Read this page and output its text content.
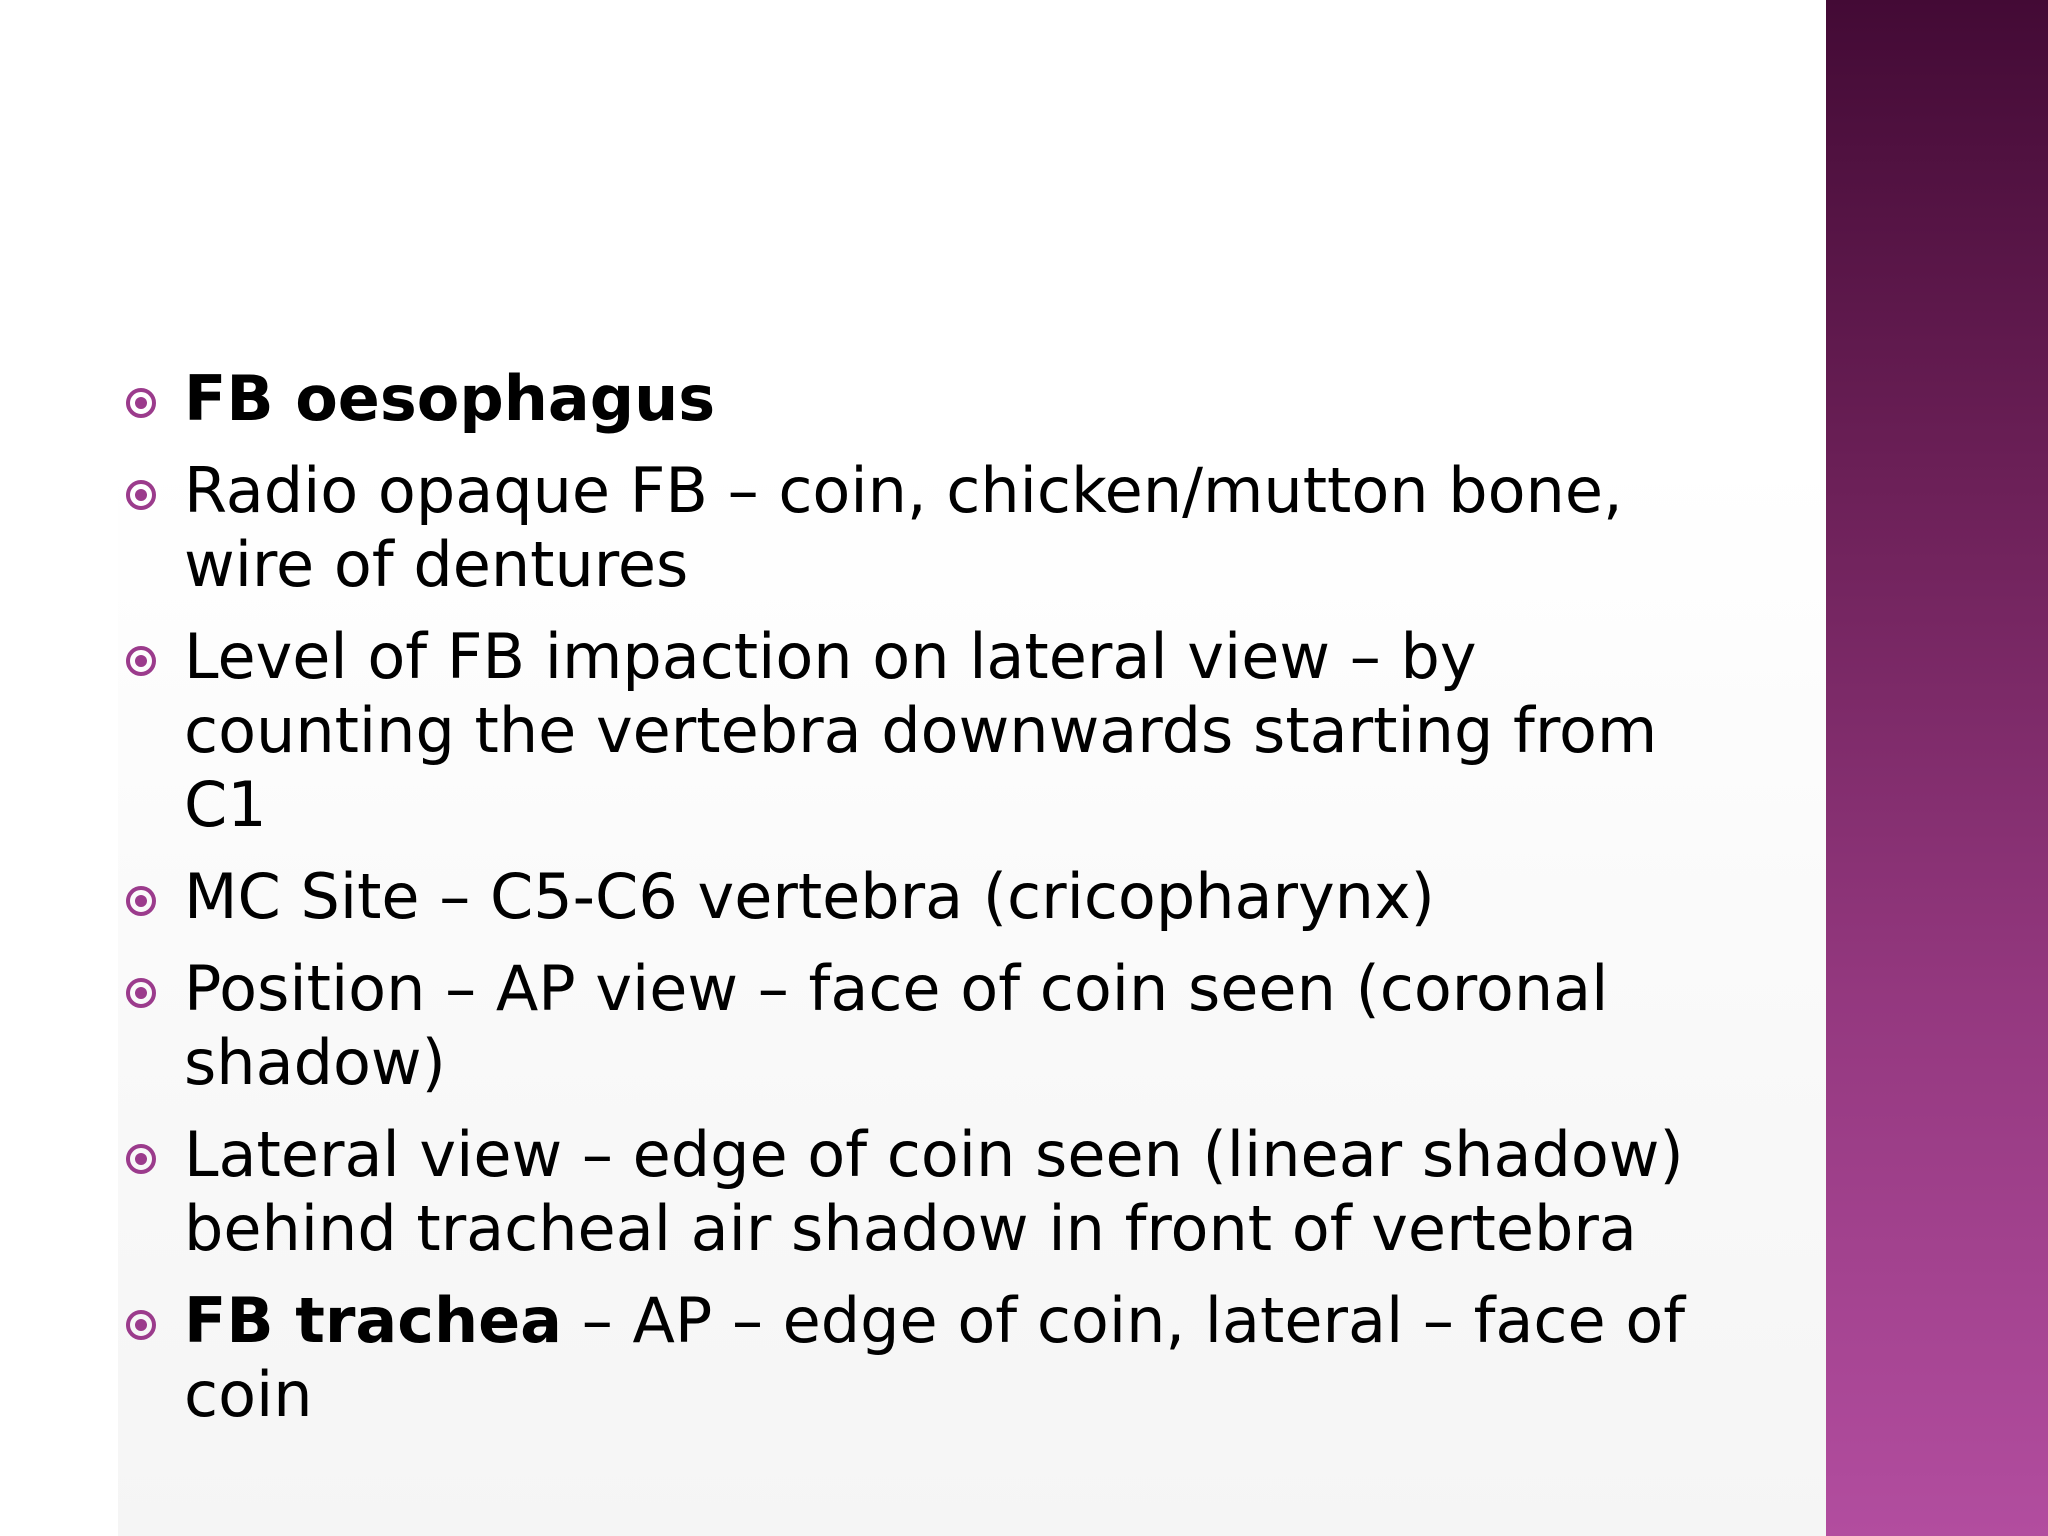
FB oesophagus
Radio opaque FB – coin, chicken/mutton bone, wire of dentures
Level of FB impaction on lateral view – by counting the vertebra downwards starting from C1
MC Site – C5-C6 vertebra (cricopharynx)
Position – AP view – face of coin seen (coronal shadow)
Lateral view – edge of coin seen (linear shadow) behind tracheal air shadow in front of vertebra
FB trachea – AP – edge of coin, lateral – face of coin
